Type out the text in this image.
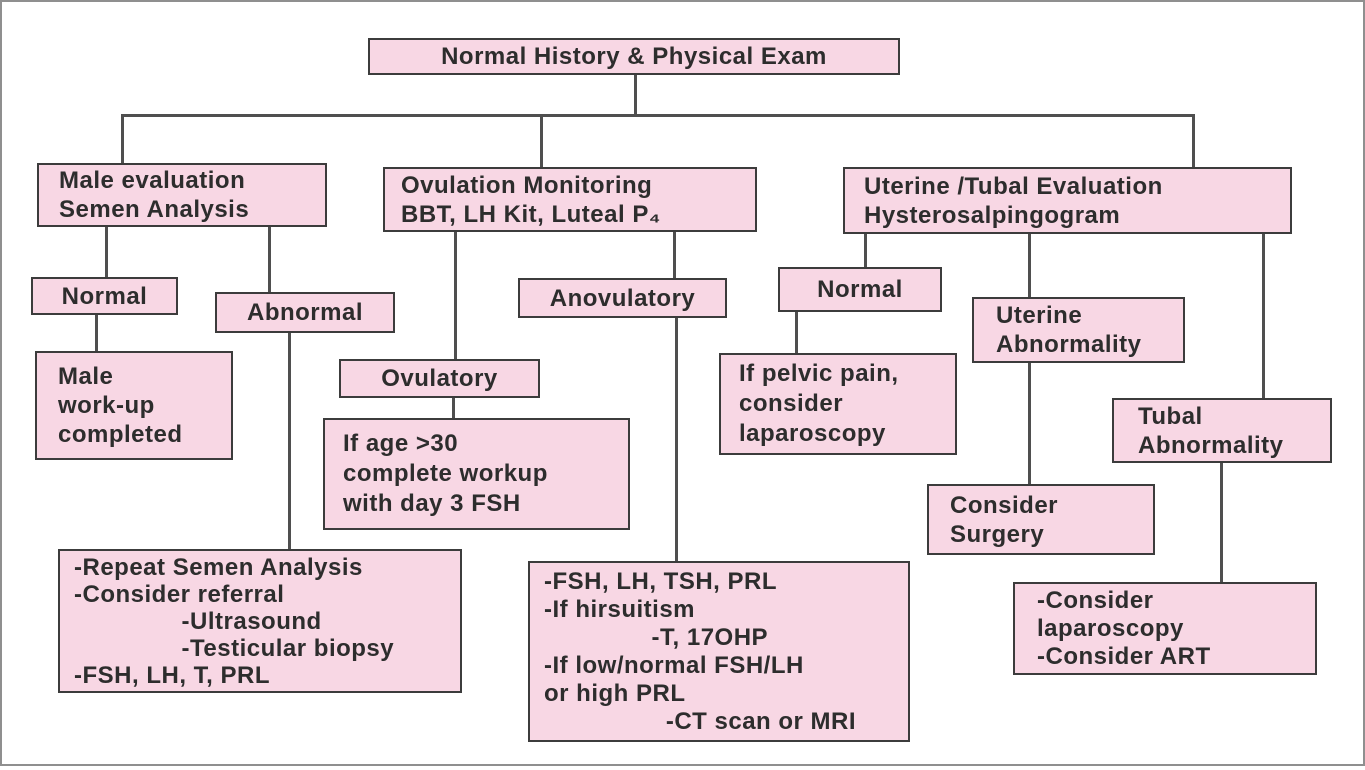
Normal History & Physical Exam
Male evaluation
Semen Analysis
Normal
Abnormal
Male
work-up
completed
-Repeat Semen Analysis
-Consider referral
-Ultrasound
-Testicular biopsy
-FSH, LH, T, PRL
Ovulation Monitoring
BBT, LH Kit, Luteal P₄
Ovulatory
Anovulatory
If age >30
complete workup
with day 3 FSH
-FSH, LH, TSH, PRL
-If hirsuitism
-T, 17OHP
-If low/normal FSH/LH
or high PRL
-CT scan or MRI
Uterine /Tubal Evaluation
Hysterosalpingogram
Normal
Uterine
Abnormality
If pelvic pain,
consider
laparoscopy
Tubal
Abnormality
Consider
Surgery
-Consider
laparoscopy
-Consider ART
